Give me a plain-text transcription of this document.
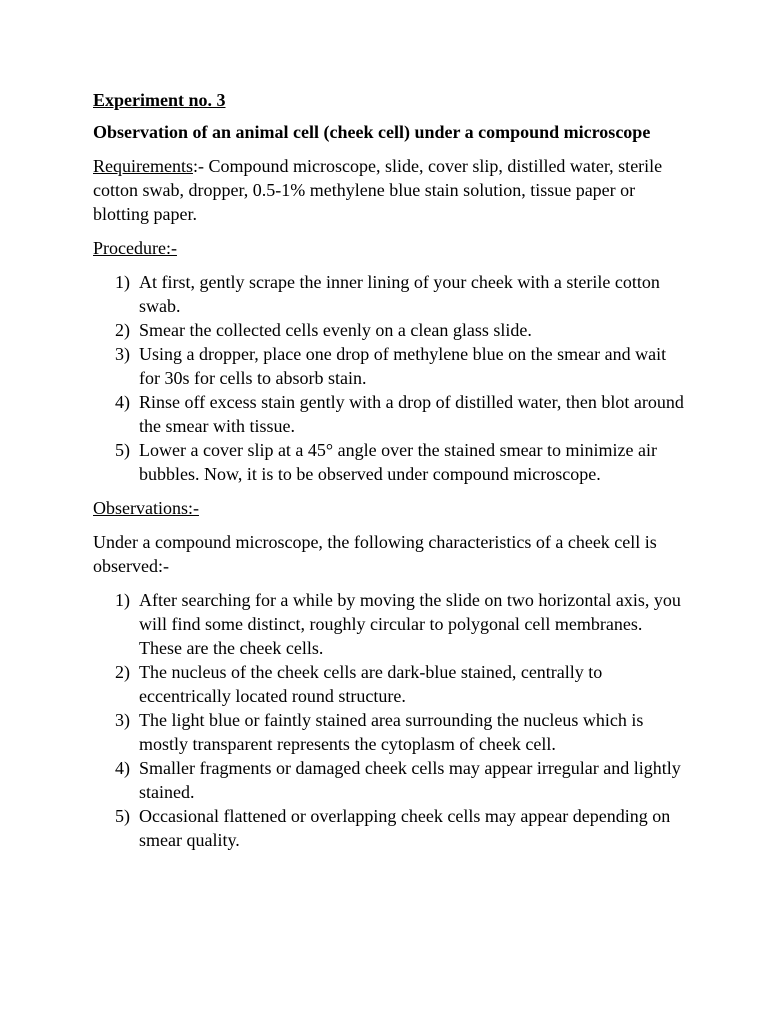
Experiment no. 3

Observation of an animal cell (cheek cell) under a compound microscope

Requirements:- Compound microscope, slide, cover slip, distilled water, sterile cotton swab, dropper, 0.5-1% methylene blue stain solution, tissue paper or blotting paper.

Procedure:-

1) At first, gently scrape the inner lining of your cheek with a sterile cotton swab.
2) Smear the collected cells evenly on a clean glass slide.
3) Using a dropper, place one drop of methylene blue on the smear and wait for 30s for cells to absorb stain.
4) Rinse off excess stain gently with a drop of distilled water, then blot around the smear with tissue.
5) Lower a cover slip at a 45° angle over the stained smear to minimize air bubbles. Now, it is to be observed under compound microscope.

Observations:-

Under a compound microscope, the following characteristics of a cheek cell is observed:-

1) After searching for a while by moving the slide on two horizontal axis, you will find some distinct, roughly circular to polygonal cell membranes. These are the cheek cells.
2) The nucleus of the cheek cells are dark-blue stained, centrally to eccentrically located round structure.
3) The light blue or faintly stained area surrounding the nucleus which is mostly transparent represents the cytoplasm of cheek cell.
4) Smaller fragments or damaged cheek cells may appear irregular and lightly stained.
5) Occasional flattened or overlapping cheek cells may appear depending on smear quality.
